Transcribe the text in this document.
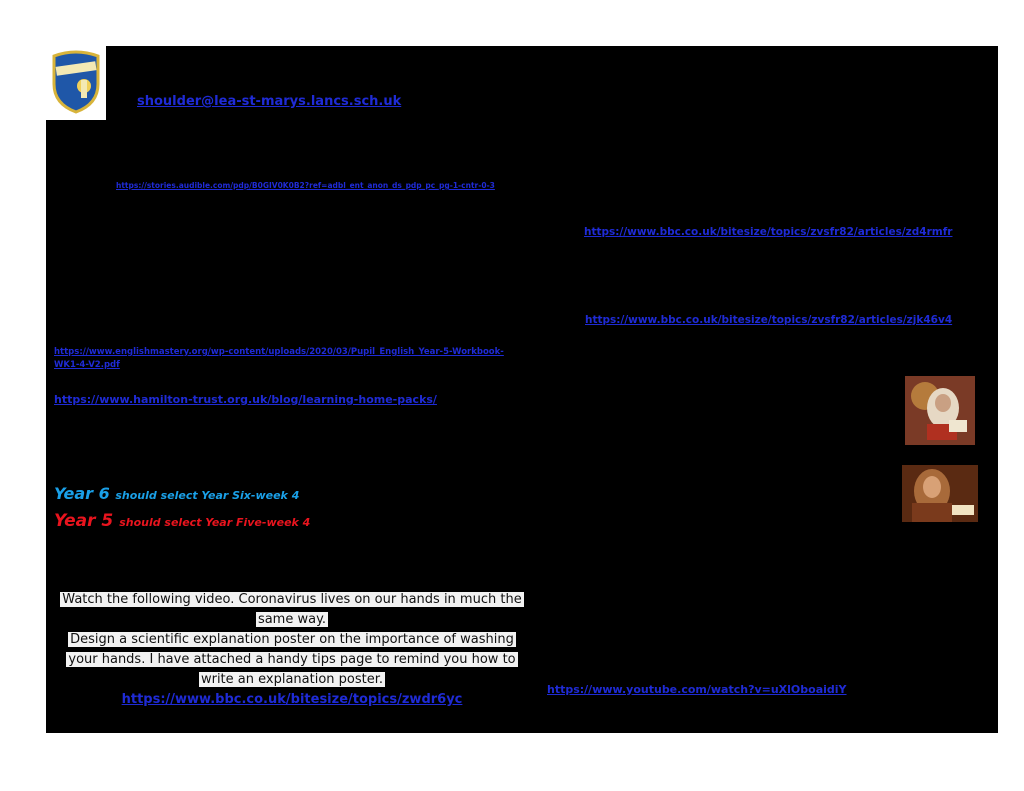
shoulder@lea-st-marys.lancs.sch.uk
https://stories.audible.com/pdp/B0GIV0K0B2?ref=adbl_ent_anon_ds_pdp_pc_pg-1-cntr-0-3
https://www.bbc.co.uk/bitesize/topics/zvsfr82/articles/zd4rmfr
https://www.bbc.co.uk/bitesize/topics/zvsfr82/articles/zjk46v4
https://www.englishmastery.org/wp-content/uploads/2020/03/Pupil_English_Year-5-Workbook-WK1-4-V2.pdf
https://www.hamilton-trust.org.uk/blog/learning-home-packs/
Year 6 should select Year Six-week 4
Year 5 should select Year Five-week 4
Watch the following video. Coronavirus lives on our hands in much the
same way.
Design a scientific explanation poster on the importance of washing
your hands. I have attached a handy tips page to remind you how to
write an explanation poster.
https://www.bbc.co.uk/bitesize/topics/zwdr6yc
https://www.youtube.com/watch?v=uXlOboaidiY
